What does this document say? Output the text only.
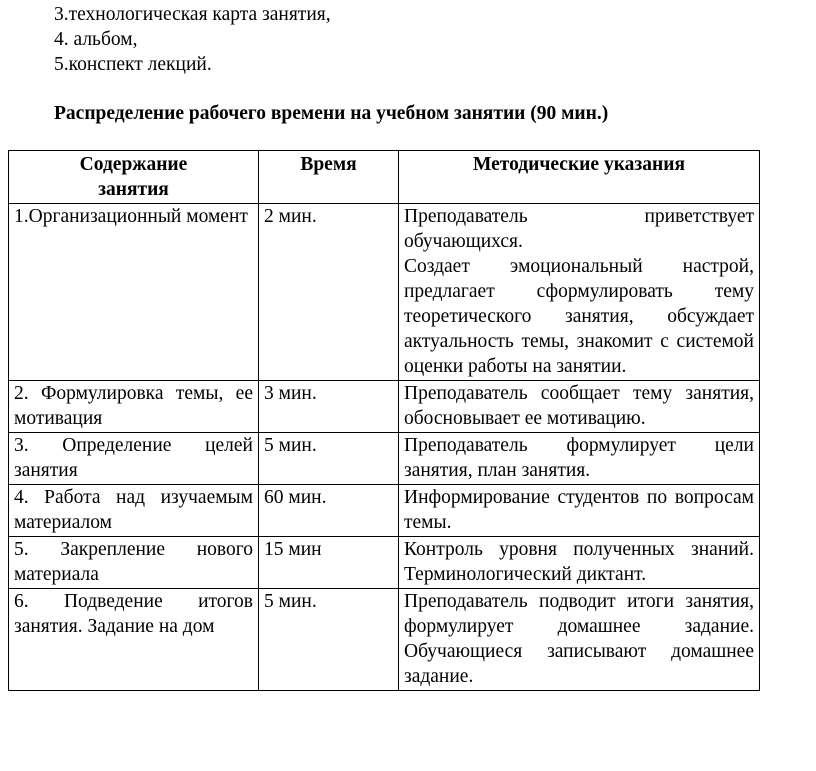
3.технологическая карта занятия,
4. альбом,
5.конспект лекций.
Распределение рабочего времени на учебном занятии (90 мин.)
Содержание занятия	Время	Методические указания
1.Организационный момент	2 мин.	Преподаватель приветствует обучающихся.
Создает эмоциональный настрой, предлагает сформулировать тему теоретического занятия, обсуждает актуальность темы, знакомит с системой оценки работы на занятии.

2. Формулировка темы, ее мотивация	3 мин.	Преподаватель сообщает тему занятия, обосновывает ее мотивацию.
3. Определение целей занятия	5 мин.	Преподаватель формулирует цели занятия, план занятия.
4. Работа над изучаемым материалом	60 мин.	Информирование студентов по вопросам темы.
5. Закрепление нового материала	15 мин	Контроль уровня полученных знаний. Терминологический диктант.
6. Подведение итогов занятия. Задание на дом	5 мин.	Преподаватель подводит итоги занятия, формулирует домашнее задание. Обучающиеся записывают домашнее задание.
